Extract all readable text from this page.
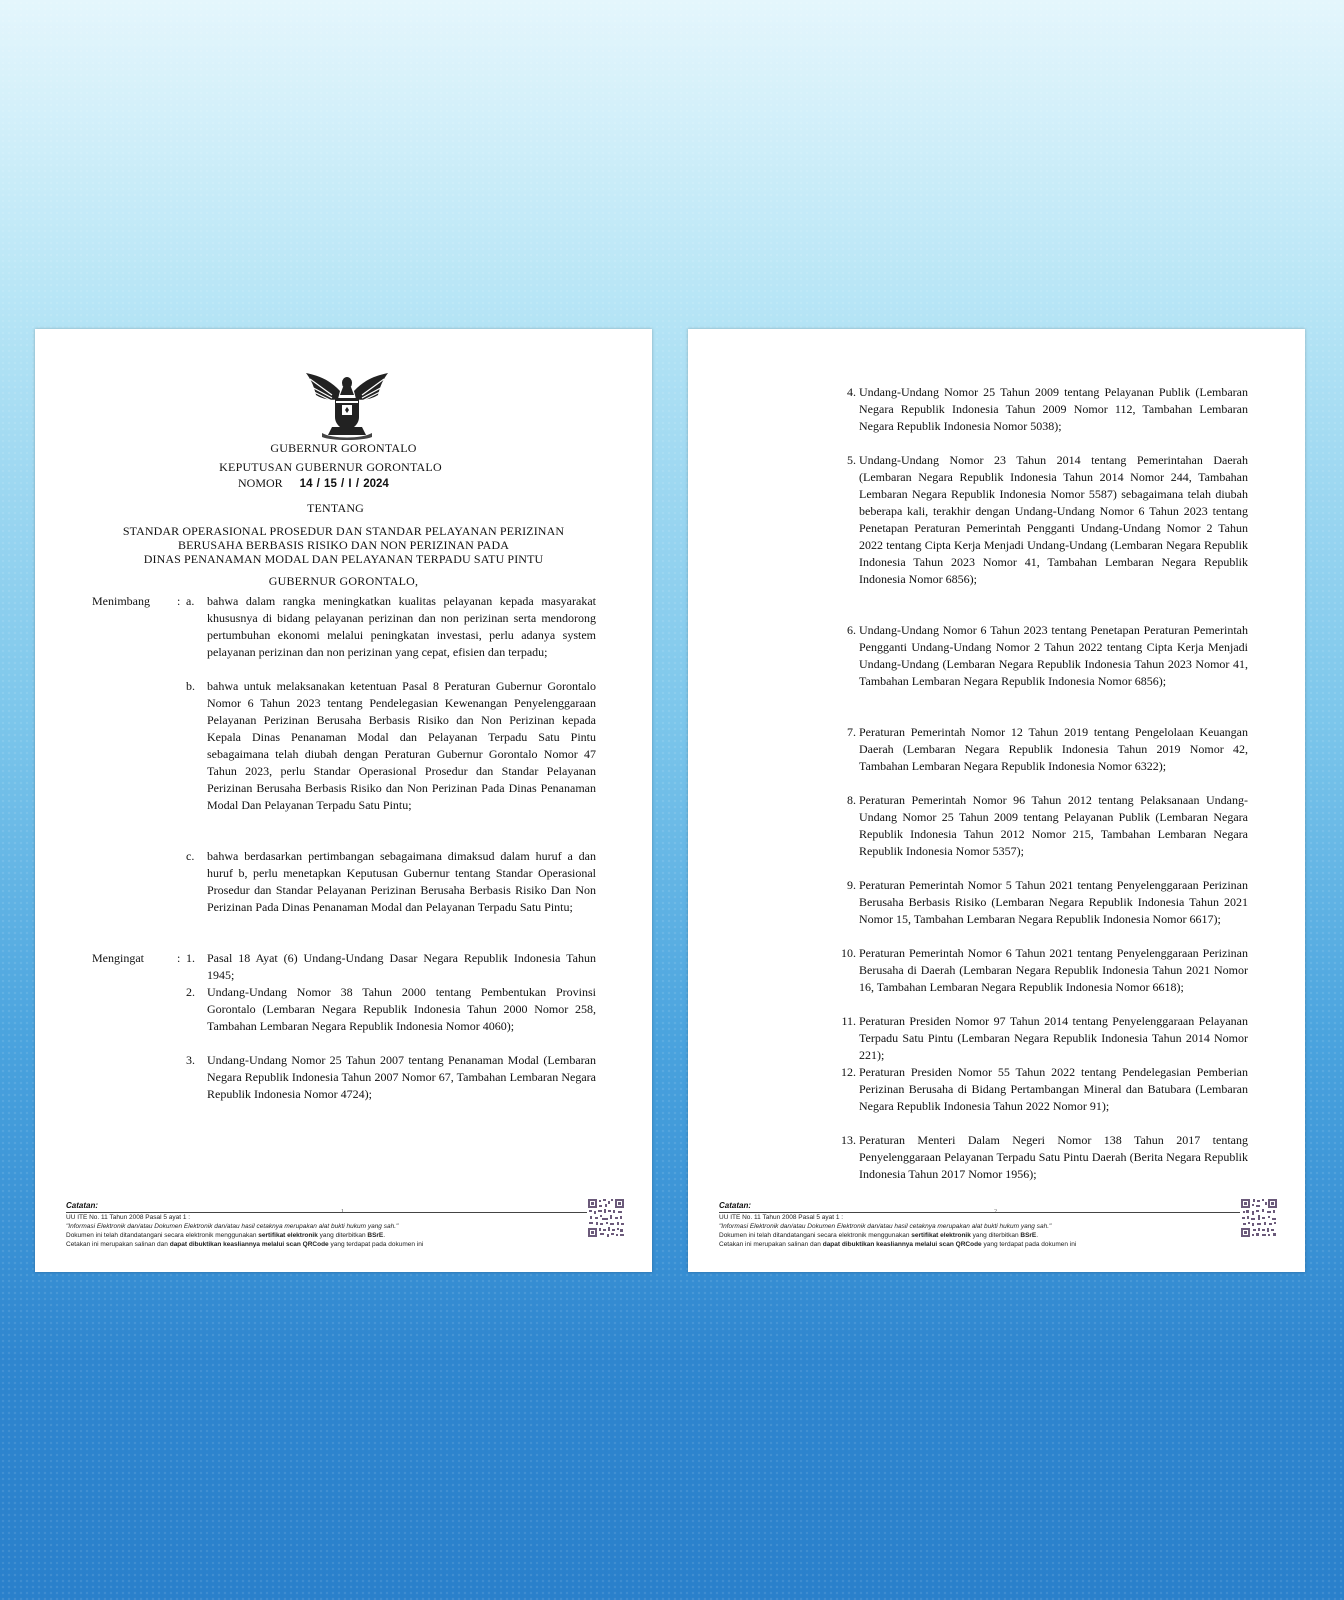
GUBERNUR GORONTALO
KEPUTUSAN GUBERNUR GORONTALO
NOMOR 14 / 15 / I / 2024
TENTANG
STANDAR OPERASIONAL PROSEDUR DAN STANDAR PELAYANAN PERIZINAN
BERUSAHA BERBASIS RISIKO DAN NON PERIZINAN PADA
DINAS PENANAMAN MODAL DAN PELAYANAN TERPADU SATU PINTU
GUBERNUR GORONTALO,
Menimbang : a.	bahwa dalam rangka meningkatkan kualitas pelayanan kepada masyarakat khususnya di bidang pelayanan perizinan dan non perizinan serta mendorong pertumbuhan ekonomi melalui peningkatan investasi, perlu adanya system pelayanan perizinan dan non perizinan yang cepat, efisien dan terpadu;
b.	bahwa untuk melaksanakan ketentuan Pasal 8 Peraturan Gubernur Gorontalo Nomor 6 Tahun 2023 tentang Pendelegasian Kewenangan Penyelenggaraan Pelayanan Perizinan Berusaha Berbasis Risiko dan Non Perizinan kepada Kepala Dinas Penanaman Modal dan Pelayanan Terpadu Satu Pintu sebagaimana telah diubah dengan Peraturan Gubernur Gorontalo Nomor 47 Tahun 2023, perlu Standar Operasional Prosedur dan Standar Pelayanan Perizinan Berusaha Berbasis Risiko dan Non Perizinan Pada Dinas Penanaman Modal Dan Pelayanan Terpadu Satu Pintu;
c.	bahwa berdasarkan pertimbangan sebagaimana dimaksud dalam huruf a dan huruf b, perlu menetapkan Keputusan Gubernur tentang Standar Operasional Prosedur dan Standar Pelayanan Perizinan Berusaha Berbasis Risiko Dan Non Perizinan Pada Dinas Penanaman Modal dan Pelayanan Terpadu Satu Pintu;
Mengingat	: 1.	Pasal 18 Ayat (6) Undang-Undang Dasar Negara Republik Indonesia Tahun 1945;
2.	Undang-Undang Nomor 38 Tahun 2000 tentang Pembentukan Provinsi Gorontalo (Lembaran Negara Republik Indonesia Tahun 2000 Nomor 258, Tambahan Lembaran Negara Republik Indonesia Nomor 4060);
3.	Undang-Undang Nomor 25 Tahun 2007 tentang Penanaman Modal (Lembaran Negara Republik Indonesia Tahun 2007 Nomor 67, Tambahan Lembaran Negara Republik Indonesia Nomor 4724);
Catatan:
UU ITE No. 11 Tahun 2008 Pasal 5 ayat 1 :
"Informasi Elektronik dan/atau Dokumen Elektronik dan/atau hasil cetaknya merupakan alat bukti hukum yang sah."
Dokumen ini telah ditandatangani secara elektronik menggunakan sertifikat elektronik yang diterbitkan BSrE.
Cetakan ini merupakan salinan dan dapat dibuktikan keasliannya melalui scan QRCode yang terdapat pada dokumen ini
4. Undang-Undang Nomor 25 Tahun 2009 tentang Pelayanan Publik (Lembaran Negara Republik Indonesia Tahun 2009 Nomor 112, Tambahan Lembaran Negara Republik Indonesia Nomor 5038);
5. Undang-Undang Nomor 23 Tahun 2014 tentang Pemerintahan Daerah (Lembaran Negara Republik Indonesia Tahun 2014 Nomor 244, Tambahan Lembaran Negara Republik Indonesia Nomor 5587) sebagaimana telah diubah beberapa kali, terakhir dengan Undang-Undang Nomor 6 Tahun 2023 tentang Penetapan Peraturan Pemerintah Pengganti Undang-Undang Nomor 2 Tahun 2022 tentang Cipta Kerja Menjadi Undang-Undang (Lembaran Negara Republik Indonesia Tahun 2023 Nomor 41, Tambahan Lembaran Negara Republik Indonesia Nomor 6856);
6. Undang-Undang Nomor 6 Tahun 2023 tentang Penetapan Peraturan Pemerintah Pengganti Undang-Undang Nomor 2 Tahun 2022 tentang Cipta Kerja Menjadi Undang-Undang (Lembaran Negara Republik Indonesia Tahun 2023 Nomor 41, Tambahan Lembaran Negara Republik Indonesia Nomor 6856);
7. Peraturan Pemerintah Nomor 12 Tahun 2019 tentang Pengelolaan Keuangan Daerah (Lembaran Negara Republik Indonesia Tahun 2019 Nomor 42, Tambahan Lembaran Negara Republik Indonesia Nomor 6322);
8. Peraturan Pemerintah Nomor 96 Tahun 2012 tentang Pelaksanaan Undang-Undang Nomor 25 Tahun 2009 tentang Pelayanan Publik (Lembaran Negara Republik Indonesia Tahun 2012 Nomor 215, Tambahan Lembaran Negara Republik Indonesia Nomor 5357);
9. Peraturan Pemerintah Nomor 5 Tahun 2021 tentang Penyelenggaraan Perizinan Berusaha Berbasis Risiko (Lembaran Negara Republik Indonesia Tahun 2021 Nomor 15, Tambahan Lembaran Negara Republik Indonesia Nomor 6617);
10. Peraturan Pemerintah Nomor 6 Tahun 2021 tentang Penyelenggaraan Perizinan Berusaha di Daerah (Lembaran Negara Republik Indonesia Tahun 2021 Nomor 16, Tambahan Lembaran Negara Republik Indonesia Nomor 6618);
11. Peraturan Presiden Nomor 97 Tahun 2014 tentang Penyelenggaraan Pelayanan Terpadu Satu Pintu (Lembaran Negara Republik Indonesia Tahun 2014 Nomor 221);
12. Peraturan Presiden Nomor 55 Tahun 2022 tentang Pendelegasian Pemberian Perizinan Berusaha di Bidang Pertambangan Mineral dan Batubara (Lembaran Negara Republik Indonesia Tahun 2022 Nomor 91);
13. Peraturan Menteri Dalam Negeri Nomor 138 Tahun 2017 tentang Penyelenggaraan Pelayanan Terpadu Satu Pintu Daerah (Berita Negara Republik Indonesia Tahun 2017 Nomor 1956);
Catatan:
UU ITE No. 11 Tahun 2008 Pasal 5 ayat 1 :
"Informasi Elektronik dan/atau Dokumen Elektronik dan/atau hasil cetaknya merupakan alat bukti hukum yang sah."
Dokumen ini telah ditandatangani secara elektronik menggunakan sertifikat elektronik yang diterbitkan BSrE.
Cetakan ini merupakan salinan dan dapat dibuktikan keasliannya melalui scan QRCode yang terdapat pada dokumen ini
